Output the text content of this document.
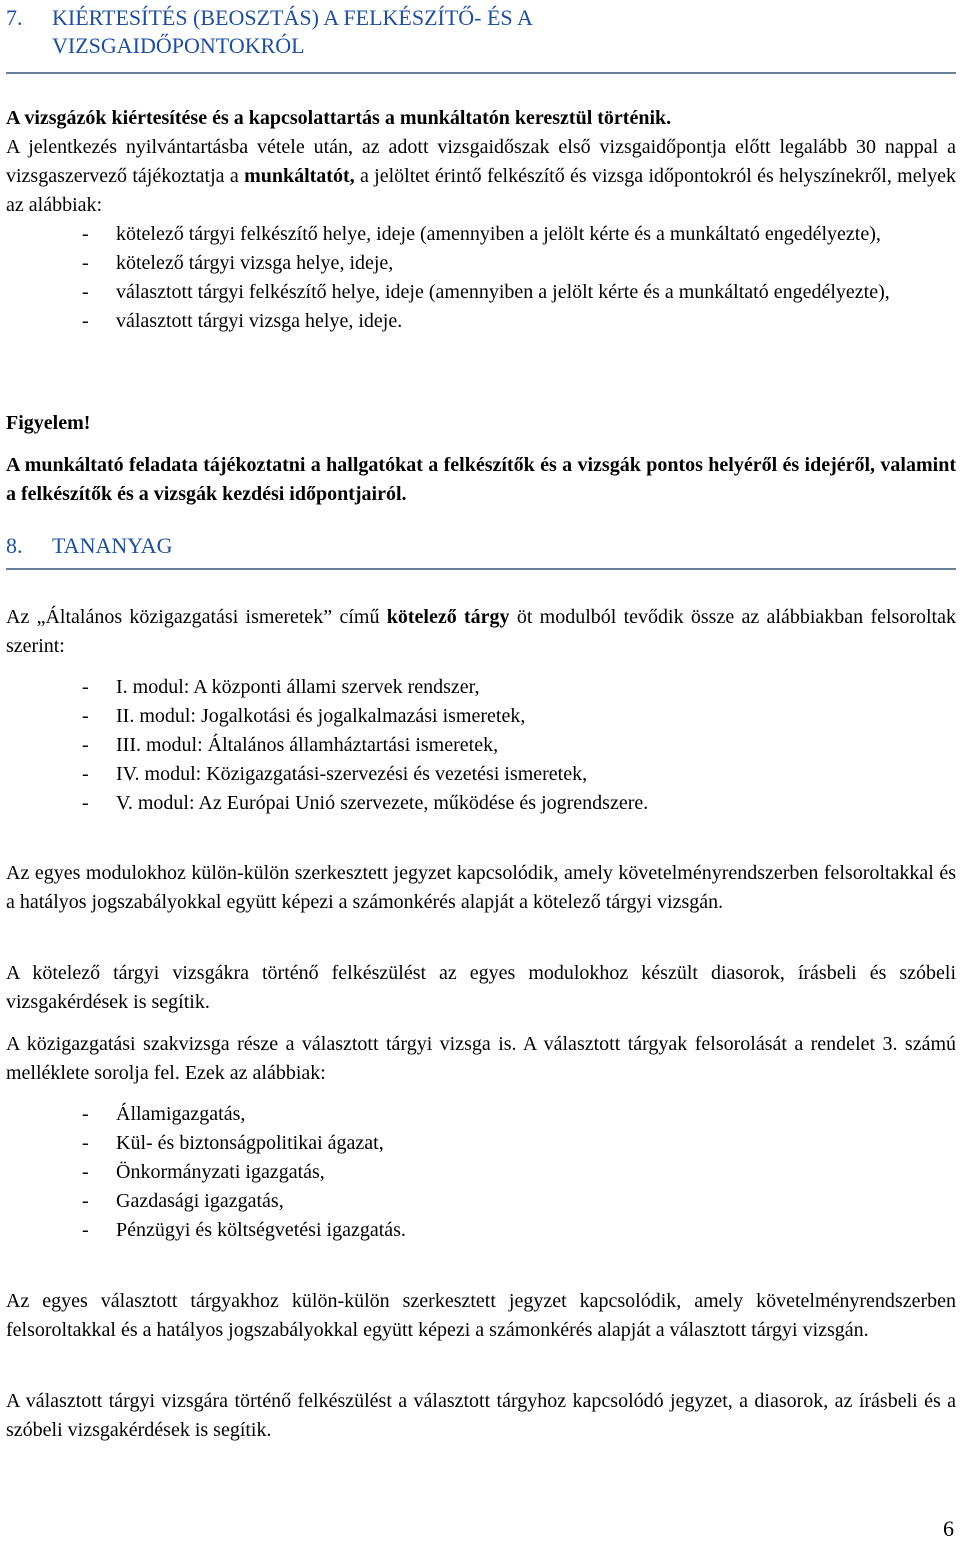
7. KIÉRTESÍTÉS (BEOSZTÁS) A FELKÉSZÍTŐ- ÉS A
VIZSGAIDŐPONTOKRÓL
A vizsgázók kiértesítése és a kapcsolattartás a munkáltatón keresztül történik.
A jelentkezés nyilvántartásba vétele után, az adott vizsgaidőszak első vizsgaidőpontja előtt legalább 30 nappal a vizsgaszervező tájékoztatja a munkáltatót, a jelöltet érintő felkészítő és vizsga időpontokról és helyszínekről, melyek az alábbiak:
- kötelező tárgyi felkészítő helye, ideje (amennyiben a jelölt kérte és a munkáltató engedélyezte),
- kötelező tárgyi vizsga helye, ideje,
- választott tárgyi felkészítő helye, ideje (amennyiben a jelölt kérte és a munkáltató engedélyezte),
- választott tárgyi vizsga helye, ideje.
Figyelem!
A munkáltató feladata tájékoztatni a hallgatókat a felkészítők és a vizsgák pontos helyéről és idejéről, valamint a felkészítők és a vizsgák kezdési időpontjairól.
8. TANANYAG
Az „Általános közigazgatási ismeretek” című kötelező tárgy öt modulból tevődik össze az alábbiakban felsoroltak szerint:
- I. modul: A központi állami szervek rendszer,
- II. modul: Jogalkotási és jogalkalmazási ismeretek,
- III. modul: Általános államháztartási ismeretek,
- IV. modul: Közigazgatási-szervezési és vezetési ismeretek,
- V. modul: Az Európai Unió szervezete, működése és jogrendszere.
Az egyes modulokhoz külön-külön szerkesztett jegyzet kapcsolódik, amely követelményrendszerben felsoroltakkal és a hatályos jogszabályokkal együtt képezi a számonkérés alapját a kötelező tárgyi vizsgán.
A kötelező tárgyi vizsgákra történő felkészülést az egyes modulokhoz készült diasorok, írásbeli és szóbeli vizsgakérdések is segítik.
A közigazgatási szakvizsga része a választott tárgyi vizsga is. A választott tárgyak felsorolását a rendelet 3. számú melléklete sorolja fel. Ezek az alábbiak:
- Államigazgatás,
- Kül- és biztonságpolitikai ágazat,
- Önkormányzati igazgatás,
- Gazdasági igazgatás,
- Pénzügyi és költségvetési igazgatás.
Az egyes választott tárgyakhoz külön-külön szerkesztett jegyzet kapcsolódik, amely követelményrendszerben felsoroltakkal és a hatályos jogszabályokkal együtt képezi a számonkérés alapját a választott tárgyi vizsgán.
A választott tárgyi vizsgára történő felkészülést a választott tárgyhoz kapcsolódó jegyzet, a diasorok, az írásbeli és a szóbeli vizsgakérdések is segítik.
6
